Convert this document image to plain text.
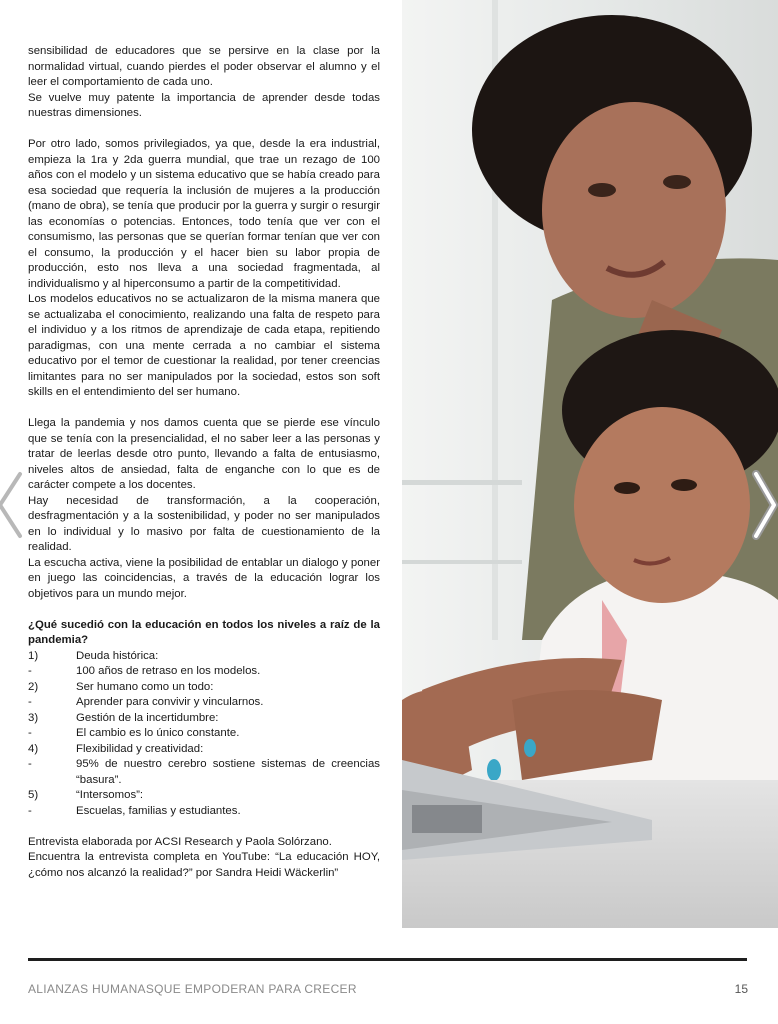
sensibilidad de educadores que se persirve en la clase por la normalidad virtual, cuando pierdes el poder observar el alumno y el leer el comportamiento de cada uno.

Se vuelve muy patente la importancia de aprender desde todas nuestras dimensiones.

Por otro lado, somos privilegiados, ya que, desde la era industrial, empieza la 1ra y 2da guerra mundial, que trae un rezago de 100 años con el modelo y un sistema educativo que se había creado para esa sociedad que requería la inclusión de mujeres a la producción (mano de obra), se tenía que producir por la guerra y surgir o resurgir las economías o potencias. Entonces, todo tenía que ver con el consumismo, las personas que se querían formar tenían que ver con el consumo, la producción y el hacer bien su labor propia de producción, esto nos lleva a una sociedad fragmentada, al individualismo y al hiperconsumo a partir de la competitividad.

Los modelos educativos no se actualizaron de la misma manera que se actualizaba el conocimiento, realizando una falta de respeto para el individuo y a los ritmos de aprendizaje de cada etapa, repitiendo paradigmas, con una mente cerrada a no cambiar el sistema educativo por el temor de cuestionar la realidad, por tener creencias limitantes para no ser manipulados por la sociedad, estos son soft skills en el entendimiento del ser humano.

Llega la pandemia y nos damos cuenta que se pierde ese vínculo que se tenía con la presencialidad, el no saber leer a las personas y tratar de leerlas desde otro punto, llevando a falta de entusiasmo, niveles altos de ansiedad, falta de enganche con lo que es de carácter compete a los docentes.

Hay necesidad de transformación, a la cooperación, desfragmentación y a la sostenibilidad, y poder no ser manipulados en lo individual y lo masivo por falta de cuestionamiento de la realidad.

La escucha activa, viene la posibilidad de entablar un dialogo y poner en juego las coincidencias, a través de la educación lograr los objetivos para un mundo mejor.

¿Qué sucedió con la educación en todos los niveles a raíz de la pandemia?

1)	Deuda histórica:
-	100 años de retraso en los modelos.
2)	Ser humano como un todo:
-	Aprender para convivir y vincularnos.
3)	Gestión de la incertidumbre:
-	El cambio es lo único constante.
4)	Flexibilidad y creatividad:
-	95% de nuestro cerebro sostiene sistemas de creencias “basura”.
5)	“Intersomos”:
-	Escuelas, familias y estudiantes.

Entrevista elaborada por ACSI Research y Paola Solórzano.

Encuentra la entrevista completa en YouTube: “La educación HOY, ¿cómo nos alcanzó la realidad?” por Sandra Heidi Wäckerlin”

ALIANZAS HUMANASQUE EMPODERAN PARA CRECER	15
